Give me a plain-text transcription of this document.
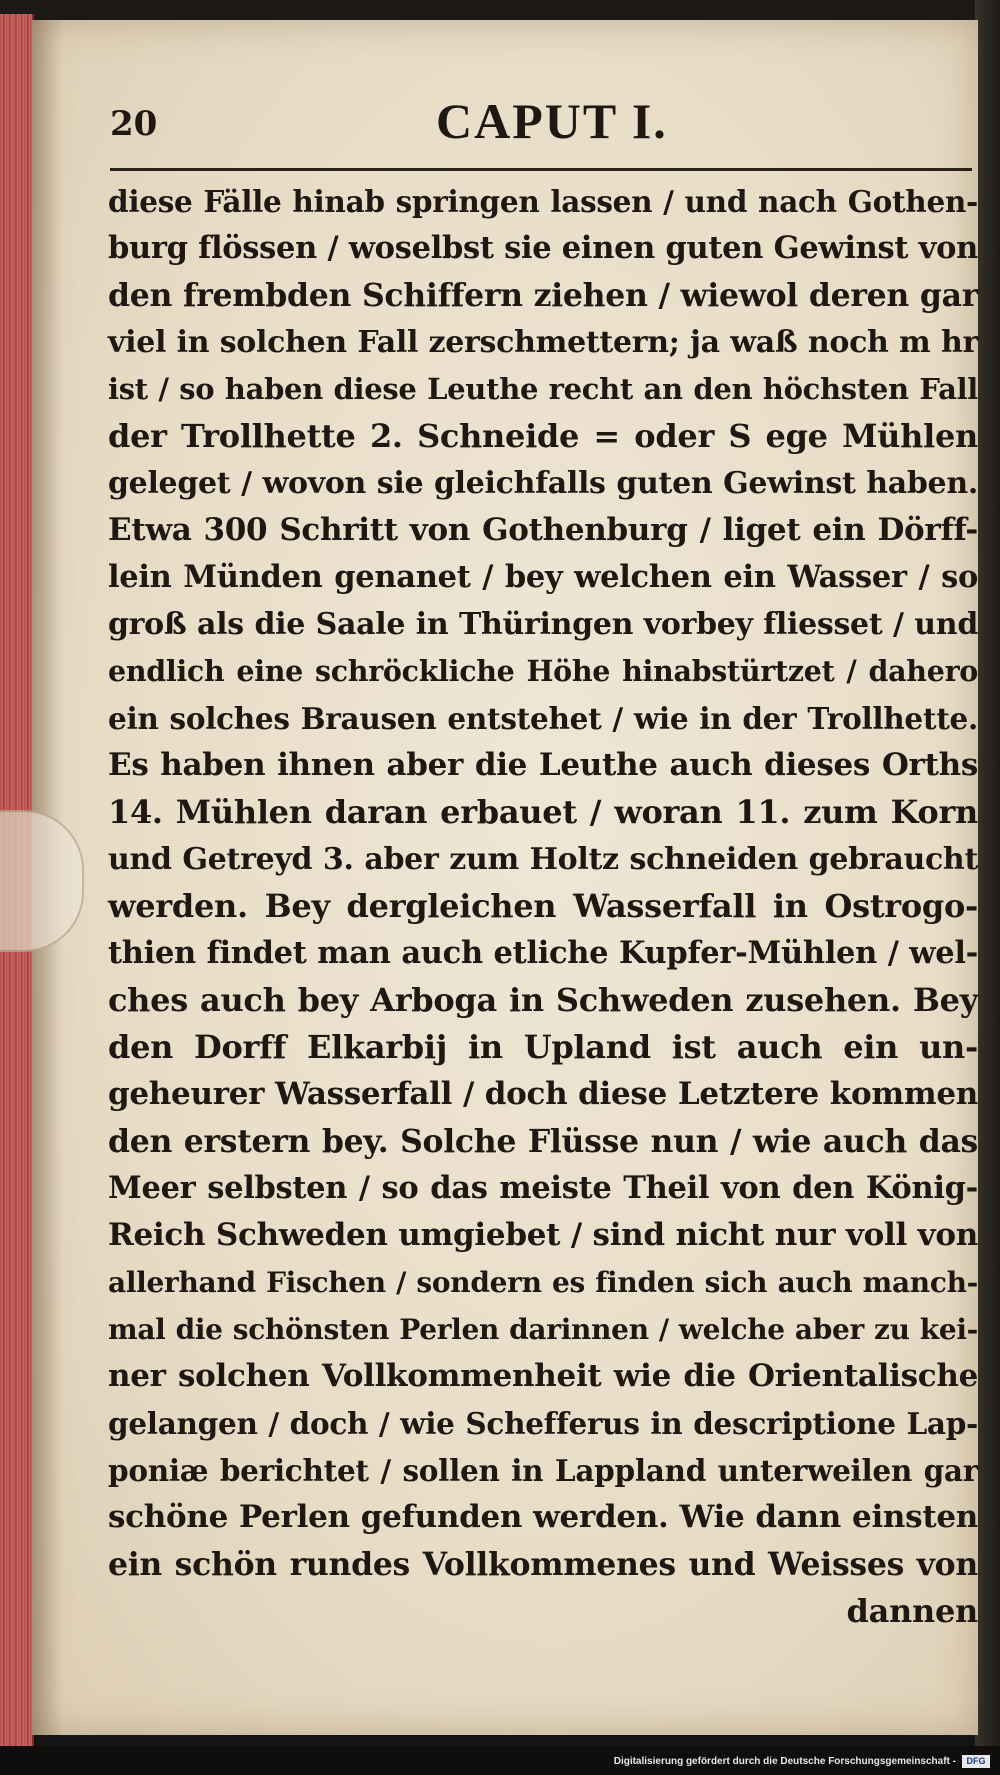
20	CAPUT I.
diese Fälle hinab springen lassen / und nach Gothen-
burg flössen / woselbst sie einen guten Gewinst von
den frembden Schiffern ziehen / wiewol deren gar
viel in solchen Fall zerschmettern; ja waß noch m hr
ist / so haben diese Leuthe recht an den höchsten Fall
der Trollhette 2. Schneide = oder S ege Mühlen
geleget / wovon sie gleichfalls guten Gewinst haben.
Etwa 300 Schritt von Gothenburg / liget ein Dörff-
lein Münden genanet / bey welchen ein Wasser / so
groß als die Saale in Thüringen vorbey fliesset / und
endlich eine schröckliche Höhe hinabstürtzet / dahero
ein solches Brausen entstehet / wie in der Trollhette.
Es haben ihnen aber die Leuthe auch dieses Orths
14. Mühlen daran erbauet / woran 11. zum Korn
und Getreyd 3. aber zum Holtz schneiden gebraucht
werden. Bey dergleichen Wasserfall in Ostrogo-
thien findet man auch etliche Kupfer-Mühlen / wel-
ches auch bey Arboga in Schweden zusehen. Bey
den Dorff Elkarbij in Upland ist auch ein un-
geheurer Wasserfall / doch diese Letztere kommen
den erstern bey. Solche Flüsse nun / wie auch das
Meer selbsten / so das meiste Theil von den König-
Reich Schweden umgiebet / sind nicht nur voll von
allerhand Fischen / sondern es finden sich auch manch-
mal die schönsten Perlen darinnen / welche aber zu kei-
ner solchen Vollkommenheit wie die Orientalische
gelangen / doch / wie Schefferus in descriptione Lap-
poniæ berichtet / sollen in Lappland unterweilen gar
schöne Perlen gefunden werden. Wie dann einsten
ein schön rundes Vollkommenes und Weisses von
dannen
Digitalisierung gefördert durch die Deutsche Forschungsgemeinschaft -	DFG
